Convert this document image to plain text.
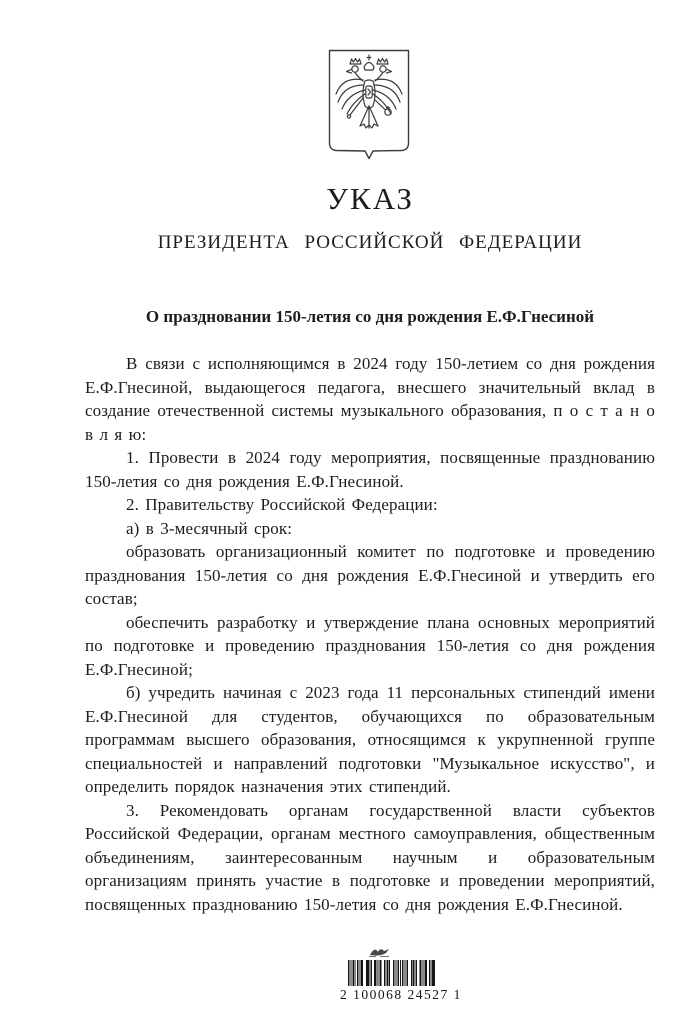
УКАЗ
ПРЕЗИДЕНТА РОССИЙСКОЙ ФЕДЕРАЦИИ
О праздновании 150-летия со дня рождения Е.Ф.Гнесиной

В связи с исполняющимся в 2024 году 150-летием со дня рождения Е.Ф.Гнесиной, выдающегося педагога, внесшего значительный вклад в создание отечественной системы музыкального образования, п о с т а н о в л я ю:

1. Провести в 2024 году мероприятия, посвященные празднованию 150-летия со дня рождения Е.Ф.Гнесиной.

2. Правительству Российской Федерации:

а) в 3-месячный срок:

образовать организационный комитет по подготовке и проведению празднования 150-летия со дня рождения Е.Ф.Гнесиной и утвердить его состав;

обеспечить разработку и утверждение плана основных мероприятий по подготовке и проведению празднования 150-летия со дня рождения Е.Ф.Гнесиной;

б) учредить начиная с 2023 года 11 персональных стипендий имени Е.Ф.Гнесиной для студентов, обучающихся по образовательным программам высшего образования, относящимся к укрупненной группе специальностей и направлений подготовки "Музыкальное искусство", и определить порядок назначения этих стипендий.

3. Рекомендовать органам государственной власти субъектов Российской Федерации, органам местного самоуправления, общественным объединениям, заинтересованным научным и образовательным организациям принять участие в подготовке и проведении мероприятий, посвященных празднованию 150-летия со дня рождения Е.Ф.Гнесиной.

2 100068 24527 1
